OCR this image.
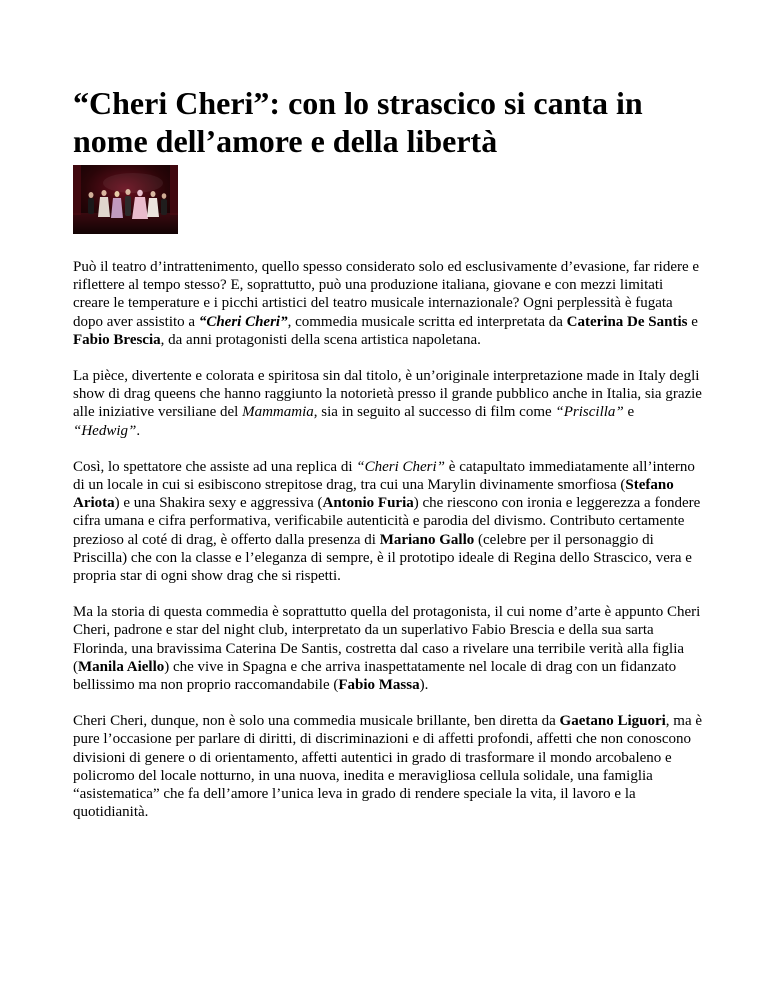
“Cheri Cheri”: con lo strascico si canta in nome dell’amore e della libertà

Può il teatro d’intrattenimento, quello spesso considerato solo ed esclusivamente d’evasione, far ridere e riflettere al tempo stesso? E, soprattutto, può una produzione italiana, giovane e con mezzi limitati creare le temperature e i picchi artistici del teatro musicale internazionale? Ogni perplessità è fugata dopo aver assistito a “Cheri Cheri”, commedia musicale scritta ed interpretata da Caterina De Santis e Fabio Brescia, da anni protagonisti della scena artistica napoletana.

La pièce, divertente e colorata e spiritosa sin dal titolo, è un’originale interpretazione made in Italy degli show di drag queens che hanno raggiunto la notorietà presso il grande pubblico anche in Italia, sia grazie alle iniziative versiliane del Mammamia, sia in seguito al successo di film come “Priscilla” e “Hedwig”.

Così, lo spettatore che assiste ad una replica di “Cheri Cheri” è catapultato immediatamente all’interno di un locale in cui si esibiscono strepitose drag, tra cui una Marylin divinamente smorfiosa (Stefano Ariota) e una Shakira sexy e aggressiva (Antonio Furia) che riescono con ironia e leggerezza a fondere cifra umana e cifra performativa, verificabile autenticità e parodia del divismo. Contributo certamente prezioso al coté di drag, è offerto dalla presenza di Mariano Gallo (celebre per il personaggio di Priscilla) che con la classe e l’eleganza di sempre, è il prototipo ideale di Regina dello Strascico, vera e propria star di ogni show drag che si rispetti.

Ma la storia di questa commedia è soprattutto quella del protagonista, il cui nome d’arte è appunto Cheri Cheri, padrone e star del night club, interpretato da un superlativo Fabio Brescia e della sua sarta Florinda, una bravissima Caterina De Santis, costretta dal caso a rivelare una terribile verità alla figlia (Manila Aiello) che vive in Spagna e che arriva inaspettatamente nel locale di drag con un fidanzato bellissimo ma non proprio raccomandabile (Fabio Massa).

Cheri Cheri, dunque, non è solo una commedia musicale brillante, ben diretta da Gaetano Liguori, ma è pure l’occasione per parlare di diritti, di discriminazioni e di affetti profondi, affetti che non conoscono divisioni di genere o di orientamento, affetti autentici in grado di trasformare il mondo arcobaleno e policromo del locale notturno, in una nuova, inedita e meravigliosa cellula solidale, una famiglia “asistematica” che fa dell’amore l’unica leva in grado di rendere speciale la vita, il lavoro e la quotidianità.
